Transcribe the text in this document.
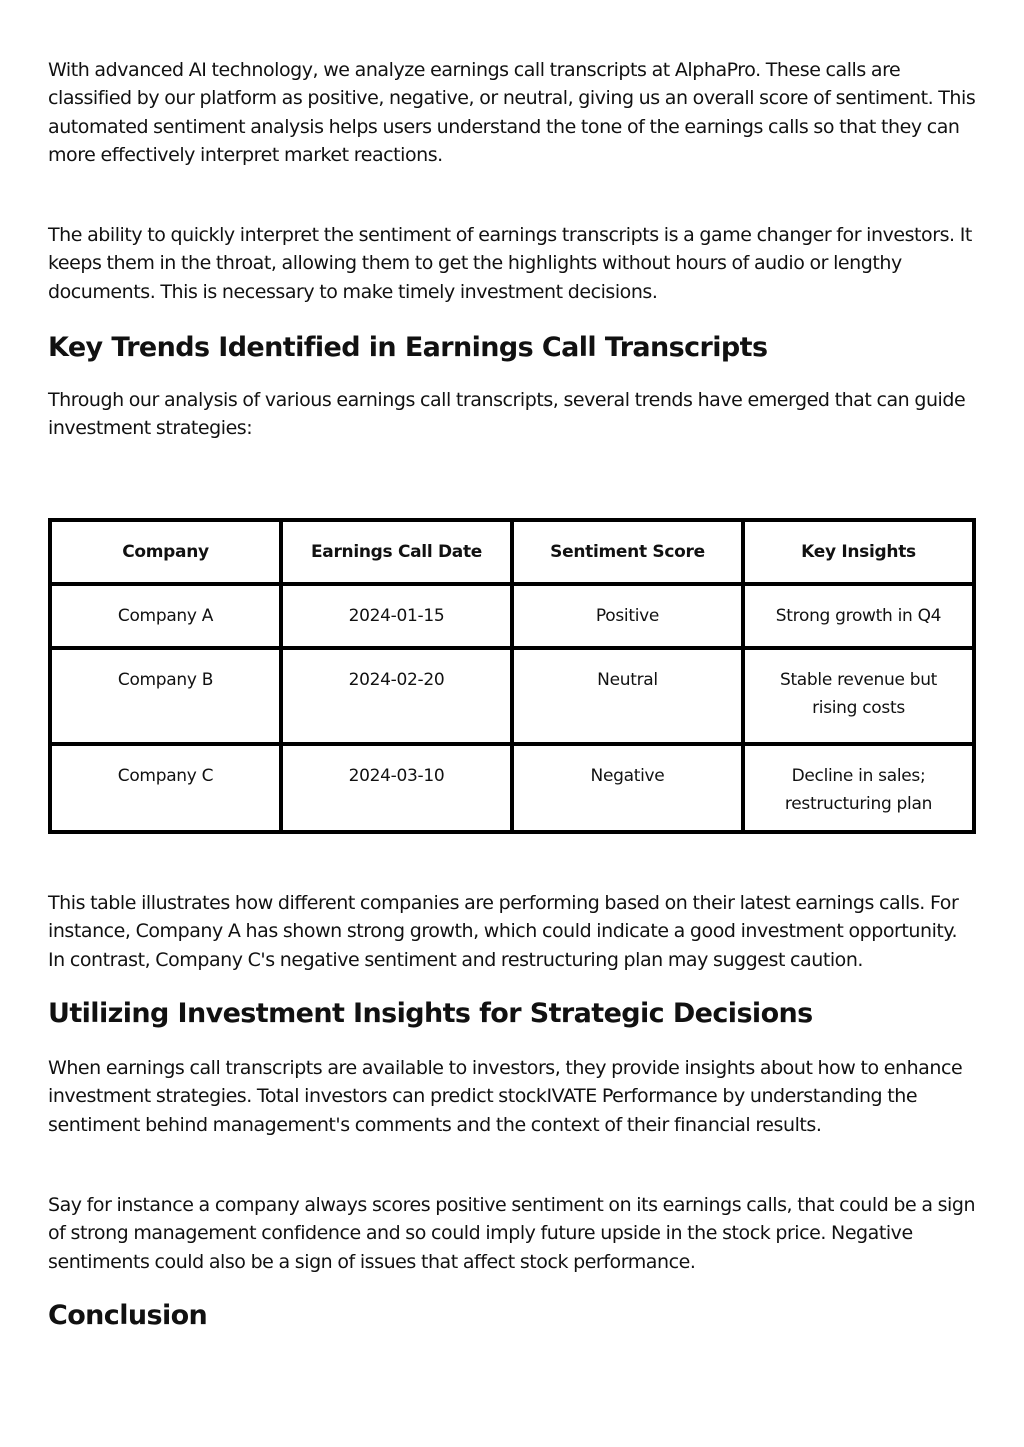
With advanced AI technology, we analyze earnings call transcripts at AlphaPro. These calls are classified by our platform as positive, negative, or neutral, giving us an overall score of sentiment. This automated sentiment analysis helps users understand the tone of the earnings calls so that they can more effectively interpret market reactions.

The ability to quickly interpret the sentiment of earnings transcripts is a game changer for investors. It keeps them in the throat, allowing them to get the highlights without hours of audio or lengthy documents. This is necessary to make timely investment decisions.

Key Trends Identified in Earnings Call Transcripts

Through our analysis of various earnings call transcripts, several trends have emerged that can guide investment strategies:

Company	Earnings Call Date	Sentiment Score	Key Insights
Company A	2024-01-15	Positive	Strong growth in Q4
Company B	2024-02-20	Neutral	Stable revenue but rising costs
Company C	2024-03-10	Negative	Decline in sales; restructuring plan

This table illustrates how different companies are performing based on their latest earnings calls. For instance, Company A has shown strong growth, which could indicate a good investment opportunity. In contrast, Company C's negative sentiment and restructuring plan may suggest caution.

Utilizing Investment Insights for Strategic Decisions

When earnings call transcripts are available to investors, they provide insights about how to enhance investment strategies. Total investors can predict stockIVATE Performance by understanding the sentiment behind management's comments and the context of their financial results.

Say for instance a company always scores positive sentiment on its earnings calls, that could be a sign of strong management confidence and so could imply future upside in the stock price. Negative sentiments could also be a sign of issues that affect stock performance.

Conclusion
